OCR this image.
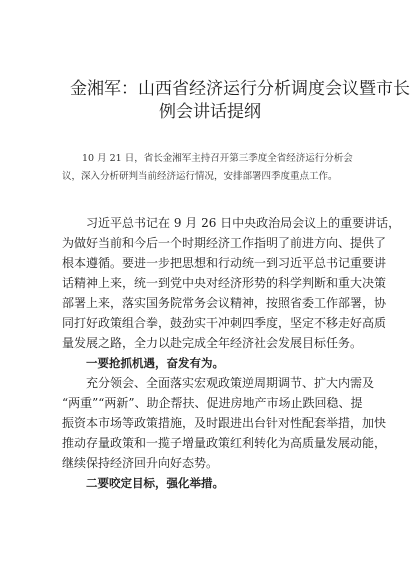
金湘军：山西省经济运行分析调度会议暨市长
例会讲话提纲
10 月 21 日，省长金湘军主持召开第三季度全省经济运行分析会
议，深入分析研判当前经济运行情况，安排部署四季度重点工作。
习近平总书记在 9 月 26 日中央政治局会议上的重要讲话，
为做好当前和今后一个时期经济工作指明了前进方向、提供了
根本遵循。要进一步把思想和行动统一到习近平总书记重要讲
话精神上来，统一到党中央对经济形势的科学判断和重大决策
部署上来，落实国务院常务会议精神，按照省委工作部署，协
同打好政策组合拳，鼓劲实干冲刺四季度，坚定不移走好高质
量发展之路，全力以赴完成全年经济社会发展目标任务。
一要抢抓机遇，奋发有为。
充分领会、全面落实宏观政策逆周期调节、扩大内需及
“两重”“两新”、助企帮扶、促进房地产市场止跌回稳、提
振资本市场等政策措施，及时跟进出台针对性配套举措，加快
推动存量政策和一揽子增量政策红利转化为高质量发展动能，
继续保持经济回升向好态势。
二要咬定目标，强化举措。
